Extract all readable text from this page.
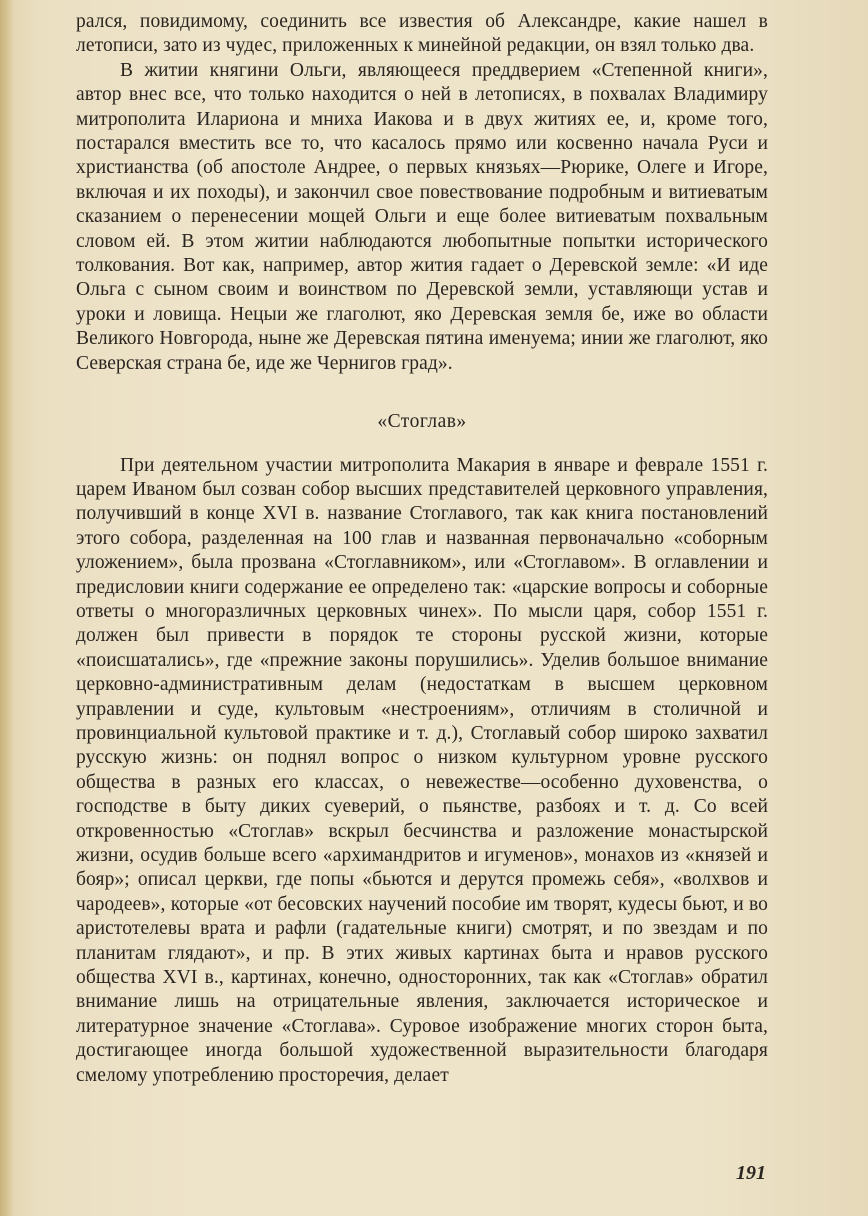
рался, повидимому, соединить все известия об Александре, какие нашел в летописи, зато из чудес, приложенных к минейной редакции, он взял только два.

В житии княгини Ольги, являющееся преддверием «Степенной книги», автор внес все, что только находится о ней в летописях, в похвалах Владимиру митрополита Илариона и мниха Иакова и в двух житиях ее, и, кроме того, постарался вместить все то, что касалось прямо или косвенно начала Руси и христианства (об апостоле Андрее, о первых князьях—Рюрике, Олеге и Игоре, включая и их походы), и закончил свое повествование подробным и витиеватым сказанием о перенесении мощей Ольги и еще более витиеватым похвальным словом ей. В этом житии наблюдаются любопытные попытки исторического толкования. Вот как, например, автор жития гадает о Деревской земле: «И иде Ольга с сыном своим и воинством по Деревской земли, уставляющи устав и уроки и ловища. Нецыи же глаголют, яко Деревская земля бе, иже во области Великого Новгорода, ныне же Деревская пятина именуема; инии же глаголют, яко Северская страна бе, иде же Чернигов град».

«Стоглав»

При деятельном участии митрополита Макария в январе и феврале 1551 г. царем Иваном был созван собор высших представителей церковного управления, получивший в конце XVI в. название Стоглавого, так как книга постановлений этого собора, разделенная на 100 глав и названная первоначально «соборным уложением», была прозвана «Стоглавником», или «Стоглавом». В оглавлении и предисловии книги содержание ее определено так: «царские вопросы и соборные ответы о многоразличных церковных чинех». По мысли царя, собор 1551 г. должен был привести в порядок те стороны русской жизни, которые «поисшатались», где «прежние законы порушились». Уделив большое внимание церковно-административным делам (недостаткам в высшем церковном управлении и суде, культовым «нестроениям», отличиям в столичной и провинциальной культовой практике и т. д.), Стоглавый собор широко захватил русскую жизнь: он поднял вопрос о низком культурном уровне русского общества в разных его классах, о невежестве—особенно духовенства, о господстве в быту диких суеверий, о пьянстве, разбоях и т. д. Со всей откровенностью «Стоглав» вскрыл бесчинства и разложение монастырской жизни, осудив больше всего «архимандритов и игуменов», монахов из «князей и бояр»; описал церкви, где попы «бьются и дерутся промежь себя», «волхвов и чародеев», которые «от бесовских научений пособие им творят, кудесы бьют, и во аристотелевы врата и рафли (гадательные книги) смотрят, и по звездам и по планитам глядают», и пр. В этих живых картинах быта и нравов русского общества XVI в., картинах, конечно, односторонних, так как «Стоглав» обратил внимание лишь на отрицательные явления, заключается историческое и литературное значение «Стоглава». Суровое изображение многих сторон быта, достигающее иногда большой художественной выразительности благодаря смелому употреблению просторечия, делает

191
